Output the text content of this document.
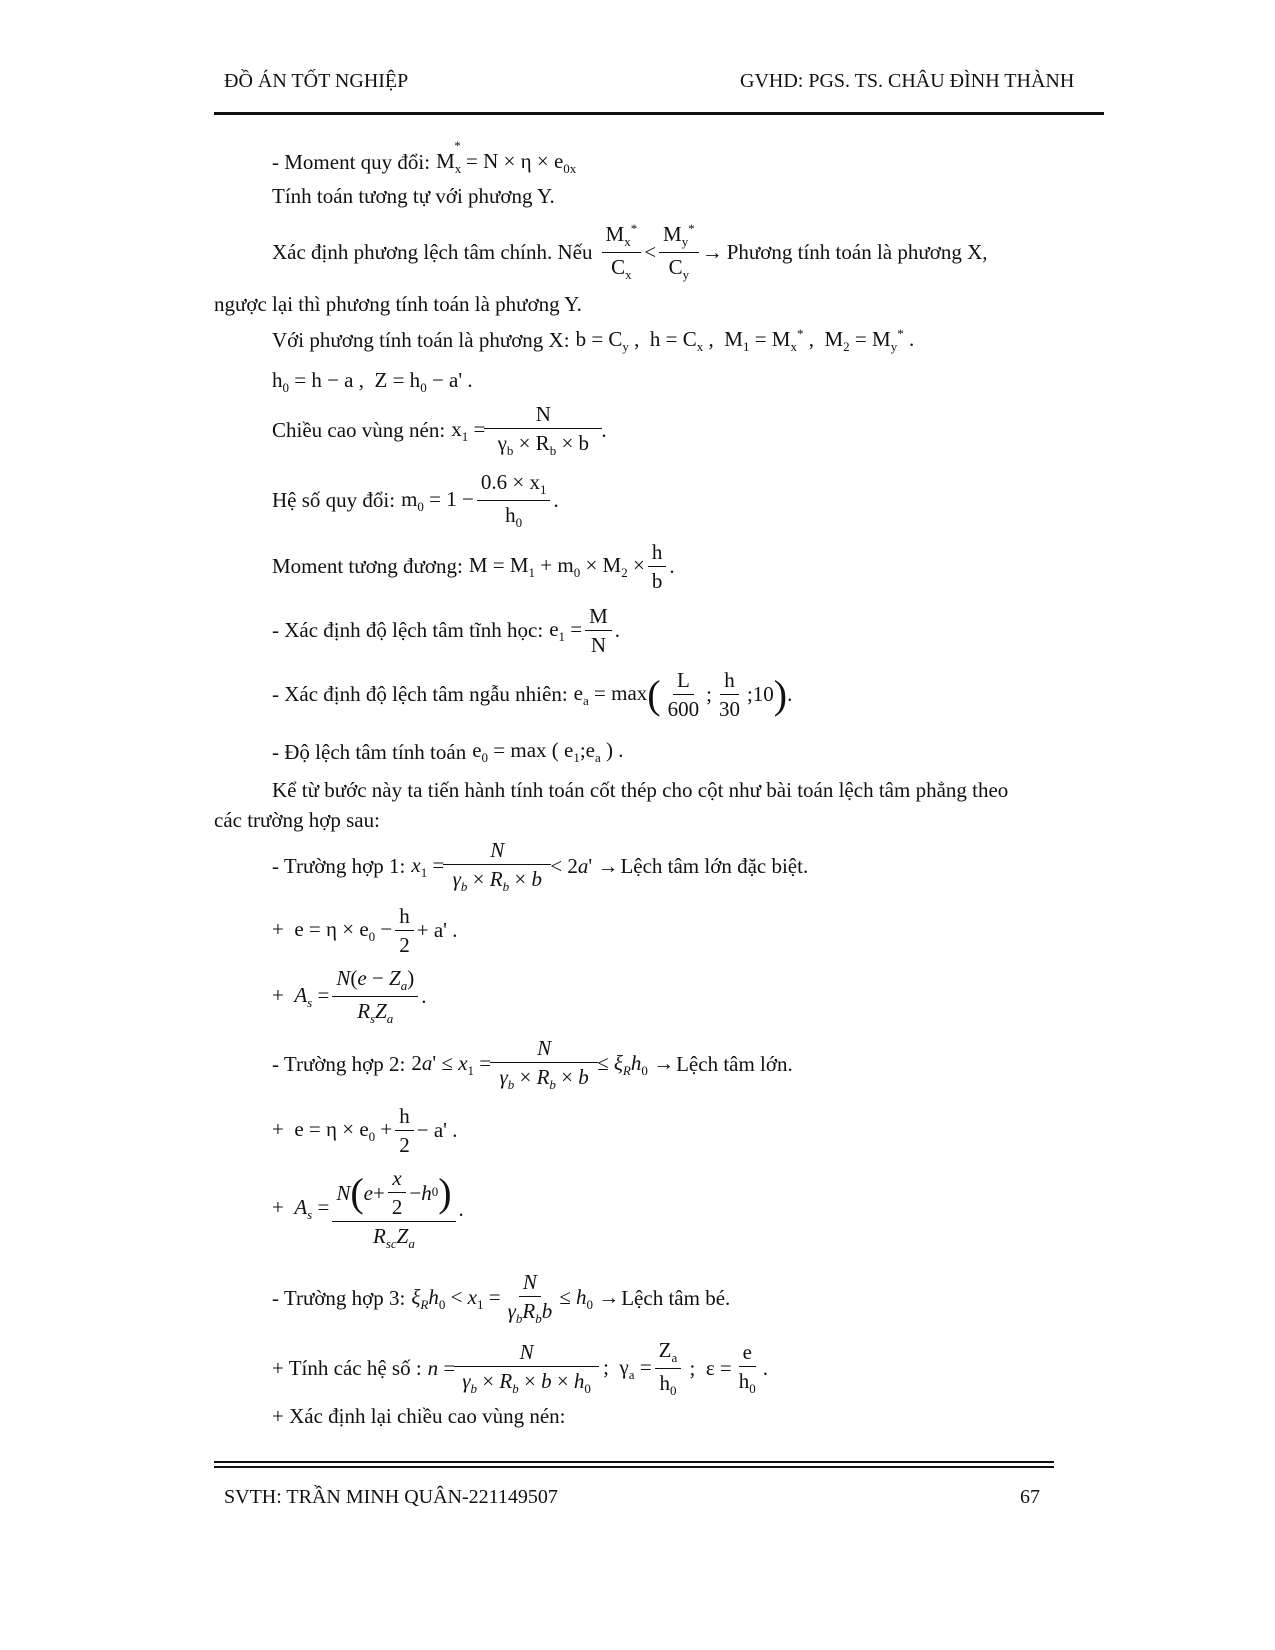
ĐỒ ÁN TỐT NGHIỆP	GVHD: PGS. TS. CHÂU ĐÌNH THÀNH
- Moment quy đổi: $M_x^* = N \times \eta \times e_{0x}$
Tính toán tương tự với phương Y.
Xác định phương lệch tâm chính. Nếu $\frac{M_x^*}{C_x} < \frac{M_y^*}{C_y}$ → Phương tính toán là phương X,
ngược lại thì phương tính toán là phương Y.
Với phương tính toán là phương X: $b = C_y$ ,  $h = C_x$ ,  $M_1 = M_x^*$ ,  $M_2 = M_y^*$ .
$h_0 = h - a$ ,  $Z = h_0 - a'$ .
Chiều cao vùng nén: $x_1 = \frac{N}{\gamma_b \times R_b \times b}$ .
Hệ số quy đổi: $m_0 = 1 - \frac{0.6 \times x_1}{h_0}$ .
Moment tương đương: $M = M_1 + m_0 \times M_2 \times \frac{h}{b}$ .
- Xác định độ lệch tâm tĩnh học: $e_1 = \frac{M}{N}$ .
- Xác định độ lệch tâm ngẫu nhiên: $e_a = \max$ ( $\frac{L}{600}$ ; $\frac{h}{30}$ ;10 ) .
- Độ lệch tâm tính toán $e_0 = \max$ ( $e_1;e_a$ ) .
Kể từ bước này ta tiến hành tính toán cốt thép cho cột như bài toán lệch tâm phẳng theo
các trường hợp sau:
- Trường hợp 1: $x_1 = \frac{N}{\gamma_b \times R_b \times b} < 2a'$ → Lệch tâm lớn đặc biệt.
+  $e = \eta \times e_0 - \frac{h}{2} + a'$ .
+  $A_s = \frac{N(e - Z_a)}{R_sZ_a}$ .
- Trường hợp 2: $2a' \le x_1 = \frac{N}{\gamma_b \times R_b \times b} \le \xi_Rh_0$ → Lệch tâm lớn.
+  $e = \eta \times e_0 + \frac{h}{2} - a'$ .
+  $A_s = \frac{N ( e + \frac{x}{2} - h 0 )}{R_{sc}Z_a}$ .
- Trường hợp 3: $\xi_Rh_0 < x_1 = \frac{N}{\gamma_bR_bb} \le h_0$ → Lệch tâm bé.
+ Tính các hệ số : $n = \frac{N}{\gamma_b \times R_b \times b \times h_0}$ ;  $\gamma_a = \frac{Z_a}{h_0}$ ;  $\varepsilon = \frac{e}{h_0}$ .
+ Xác định lại chiều cao vùng nén:
SVTH: TRẦN MINH QUÂN-221149507	67
